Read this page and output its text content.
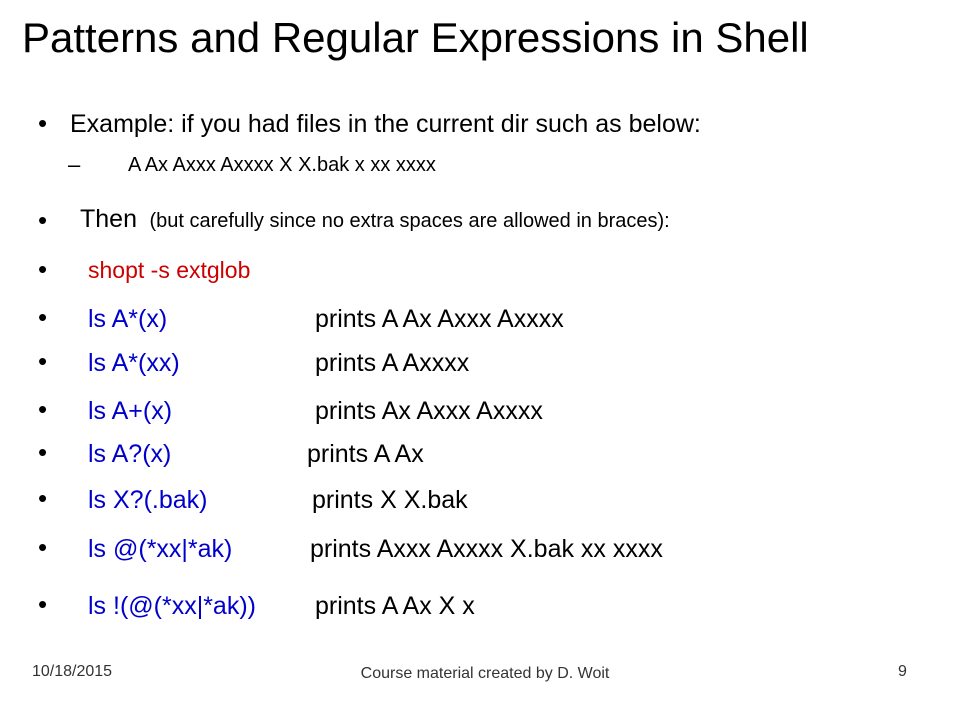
Patterns and Regular Expressions in Shell
• Example: if you had files in the current dir such as below:
– A Ax Axxx Axxxx X X.bak x xx xxxx
• Then (but carefully since no extra spaces are allowed in braces):
• shopt -s extglob
• ls A*(x)	prints A Ax Axxx Axxxx
• ls A*(xx)	prints A Axxxx
• ls A+(x)	prints Ax Axxx Axxxx
• ls A?(x)	prints A Ax
• ls X?(.bak)	prints X X.bak
• ls @(*xx|*ak)	prints Axxx Axxxx X.bak xx xxxx
• ls !(@(*xx|*ak)) prints A Ax X x
10/18/2015	Course material created by D. Woit	9
